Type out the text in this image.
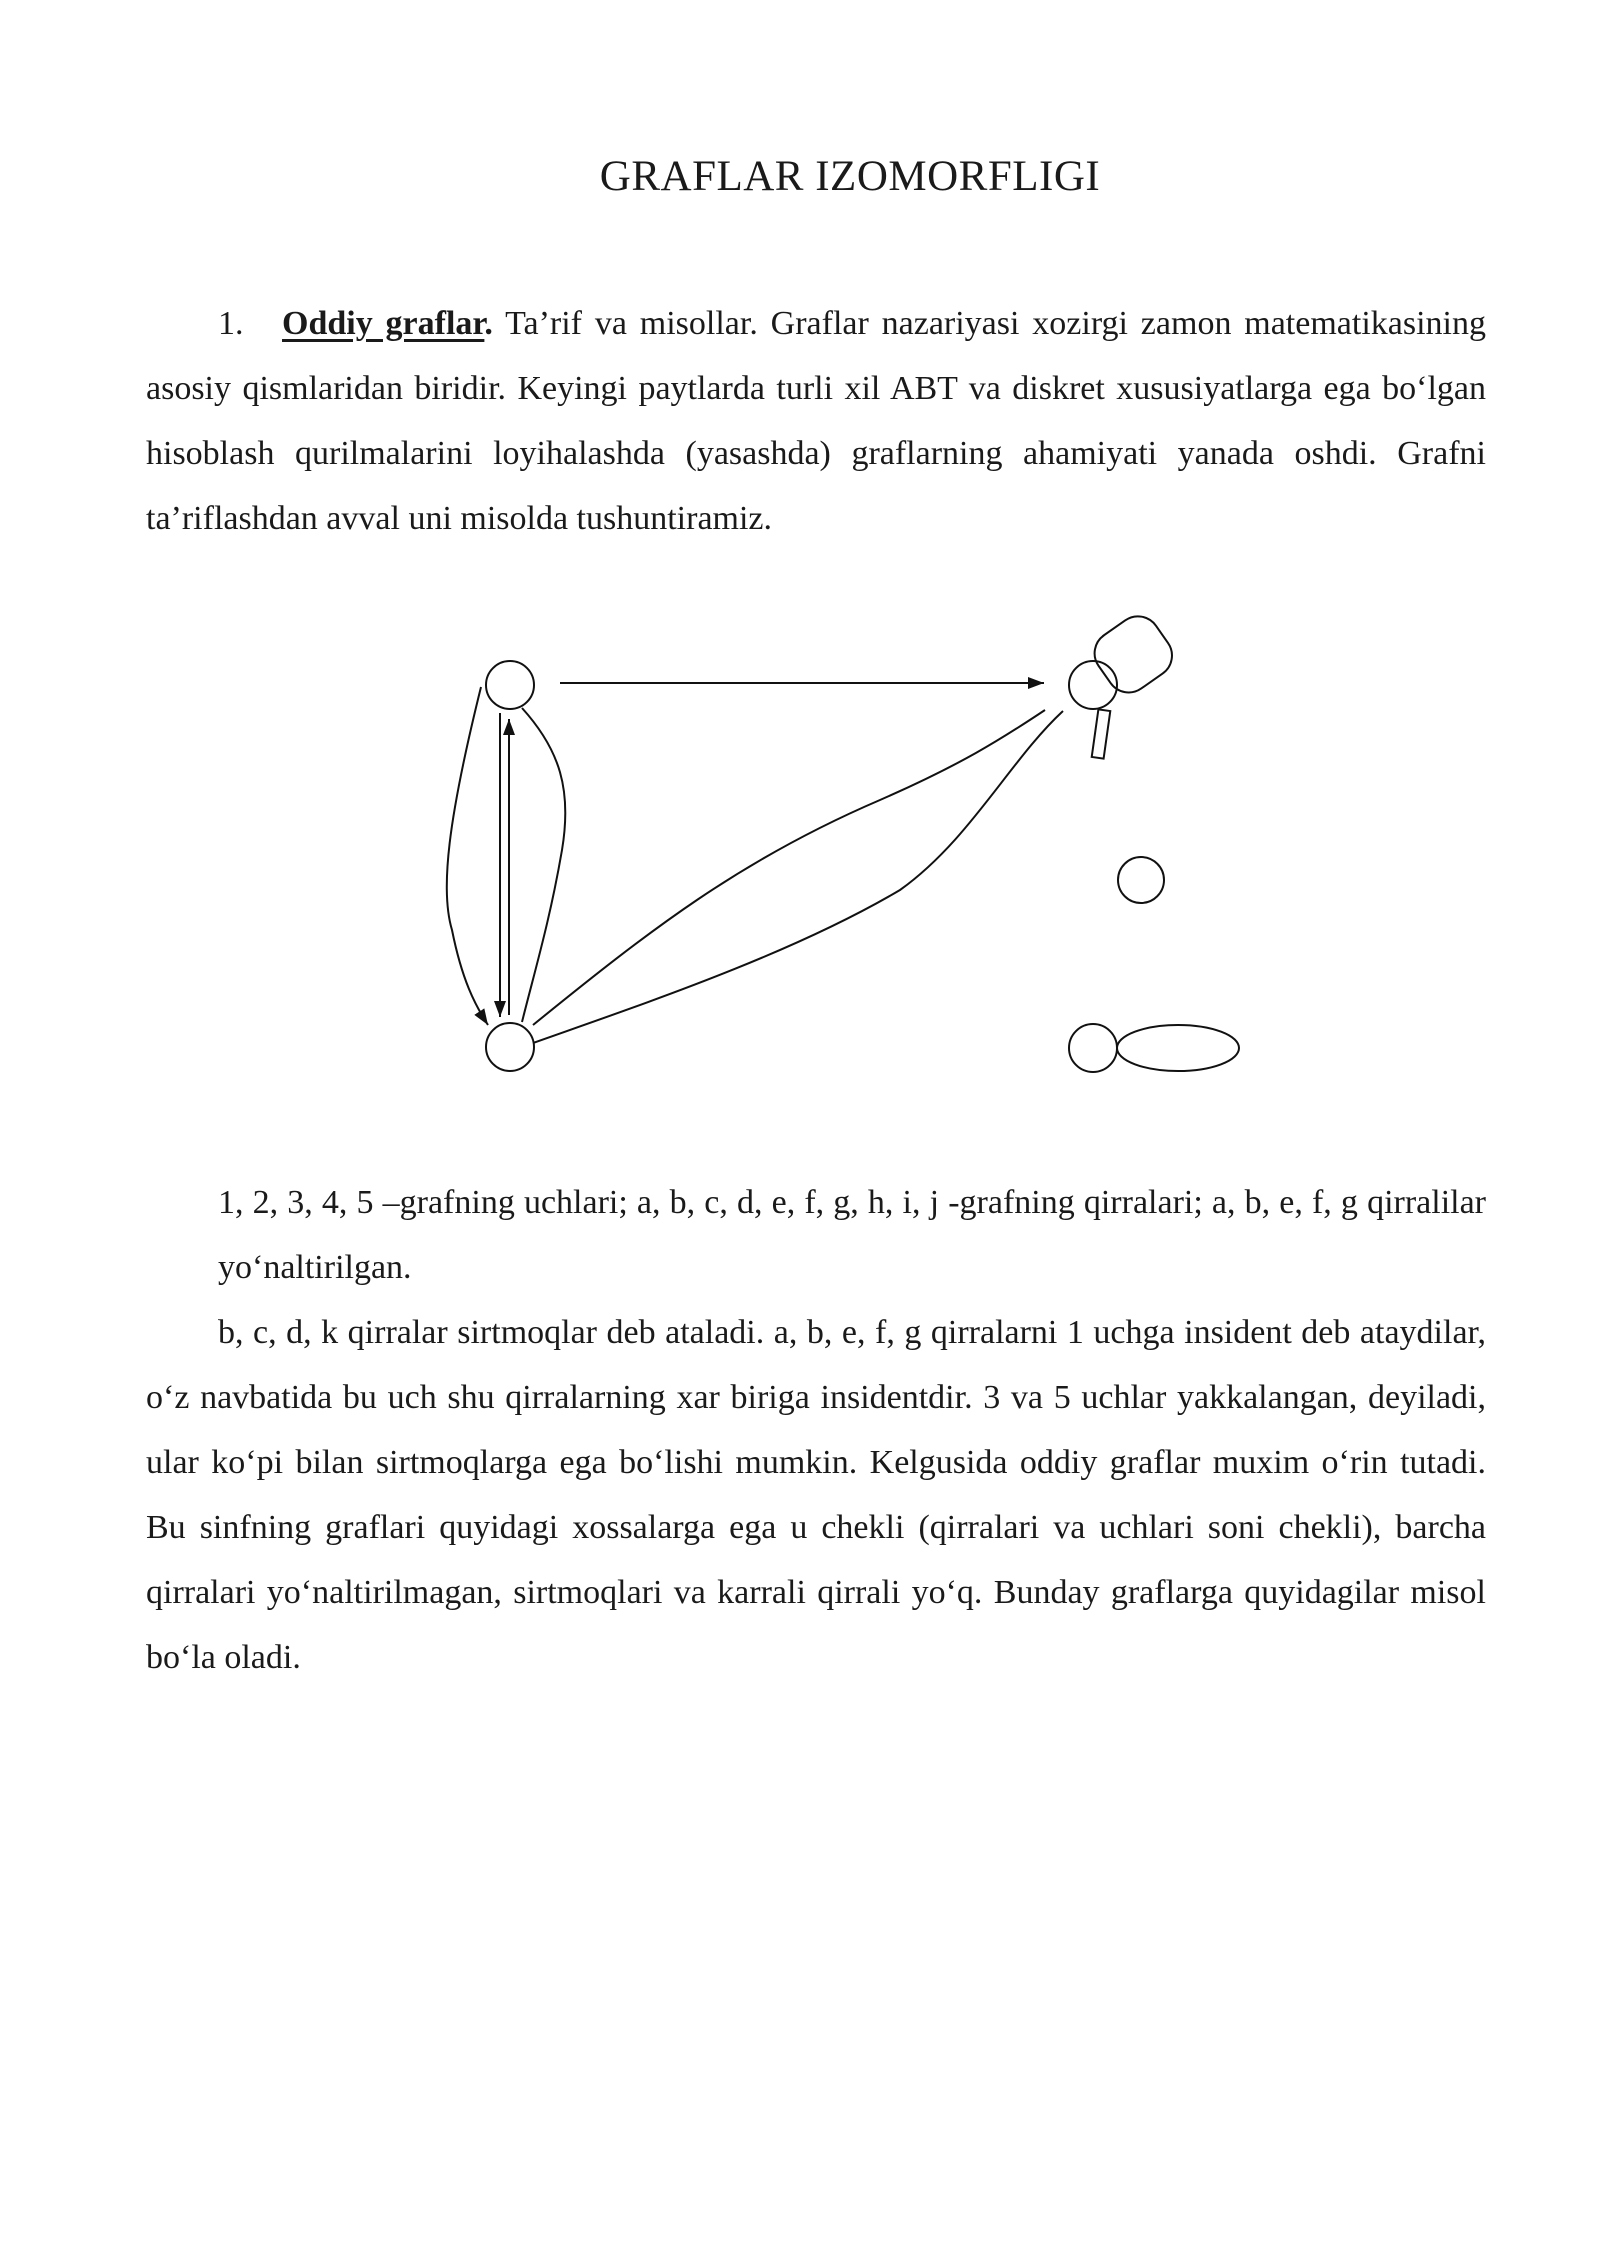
GRAFLAR IZOMORFLIGI

1. Oddiy graflar. Ta’rif va misollar. Graflar nazariyasi xozirgi zamon matematikasining asosiy qismlaridan biridir. Keyingi paytlarda turli xil ABT va diskret xususiyatlarga ega bo‘lgan hisoblash qurilmalarini loyihalashda (yasashda) graflarning ahamiyati yanada oshdi. Grafni ta’riflashdan avval uni misolda tushuntiramiz.

1, 2, 3, 4, 5 –grafning uchlari; a, b, c, d, e, f, g, h, i, j -grafning qirralari; a, b, e, f, g qirralilar yo‘naltirilgan.

b, c, d, k qirralar sirtmoqlar deb ataladi. a, b, e, f, g qirralarni 1 uchga insident deb ataydilar, o‘z navbatida bu uch shu qirralarning xar biriga insidentdir. 3 va 5 uchlar yakkalangan, deyiladi, ular ko‘pi bilan sirtmoqlarga ega bo‘lishi mumkin. Kelgusida oddiy graflar muxim o‘rin tutadi. Bu sinfning graflari quyidagi xossalarga ega u chekli (qirralari va uchlari soni chekli), barcha qirralari yo‘naltirilmagan, sirtmoqlari va karrali qirrali yo‘q. Bunday graflarga quyidagilar misol bo‘la oladi.
